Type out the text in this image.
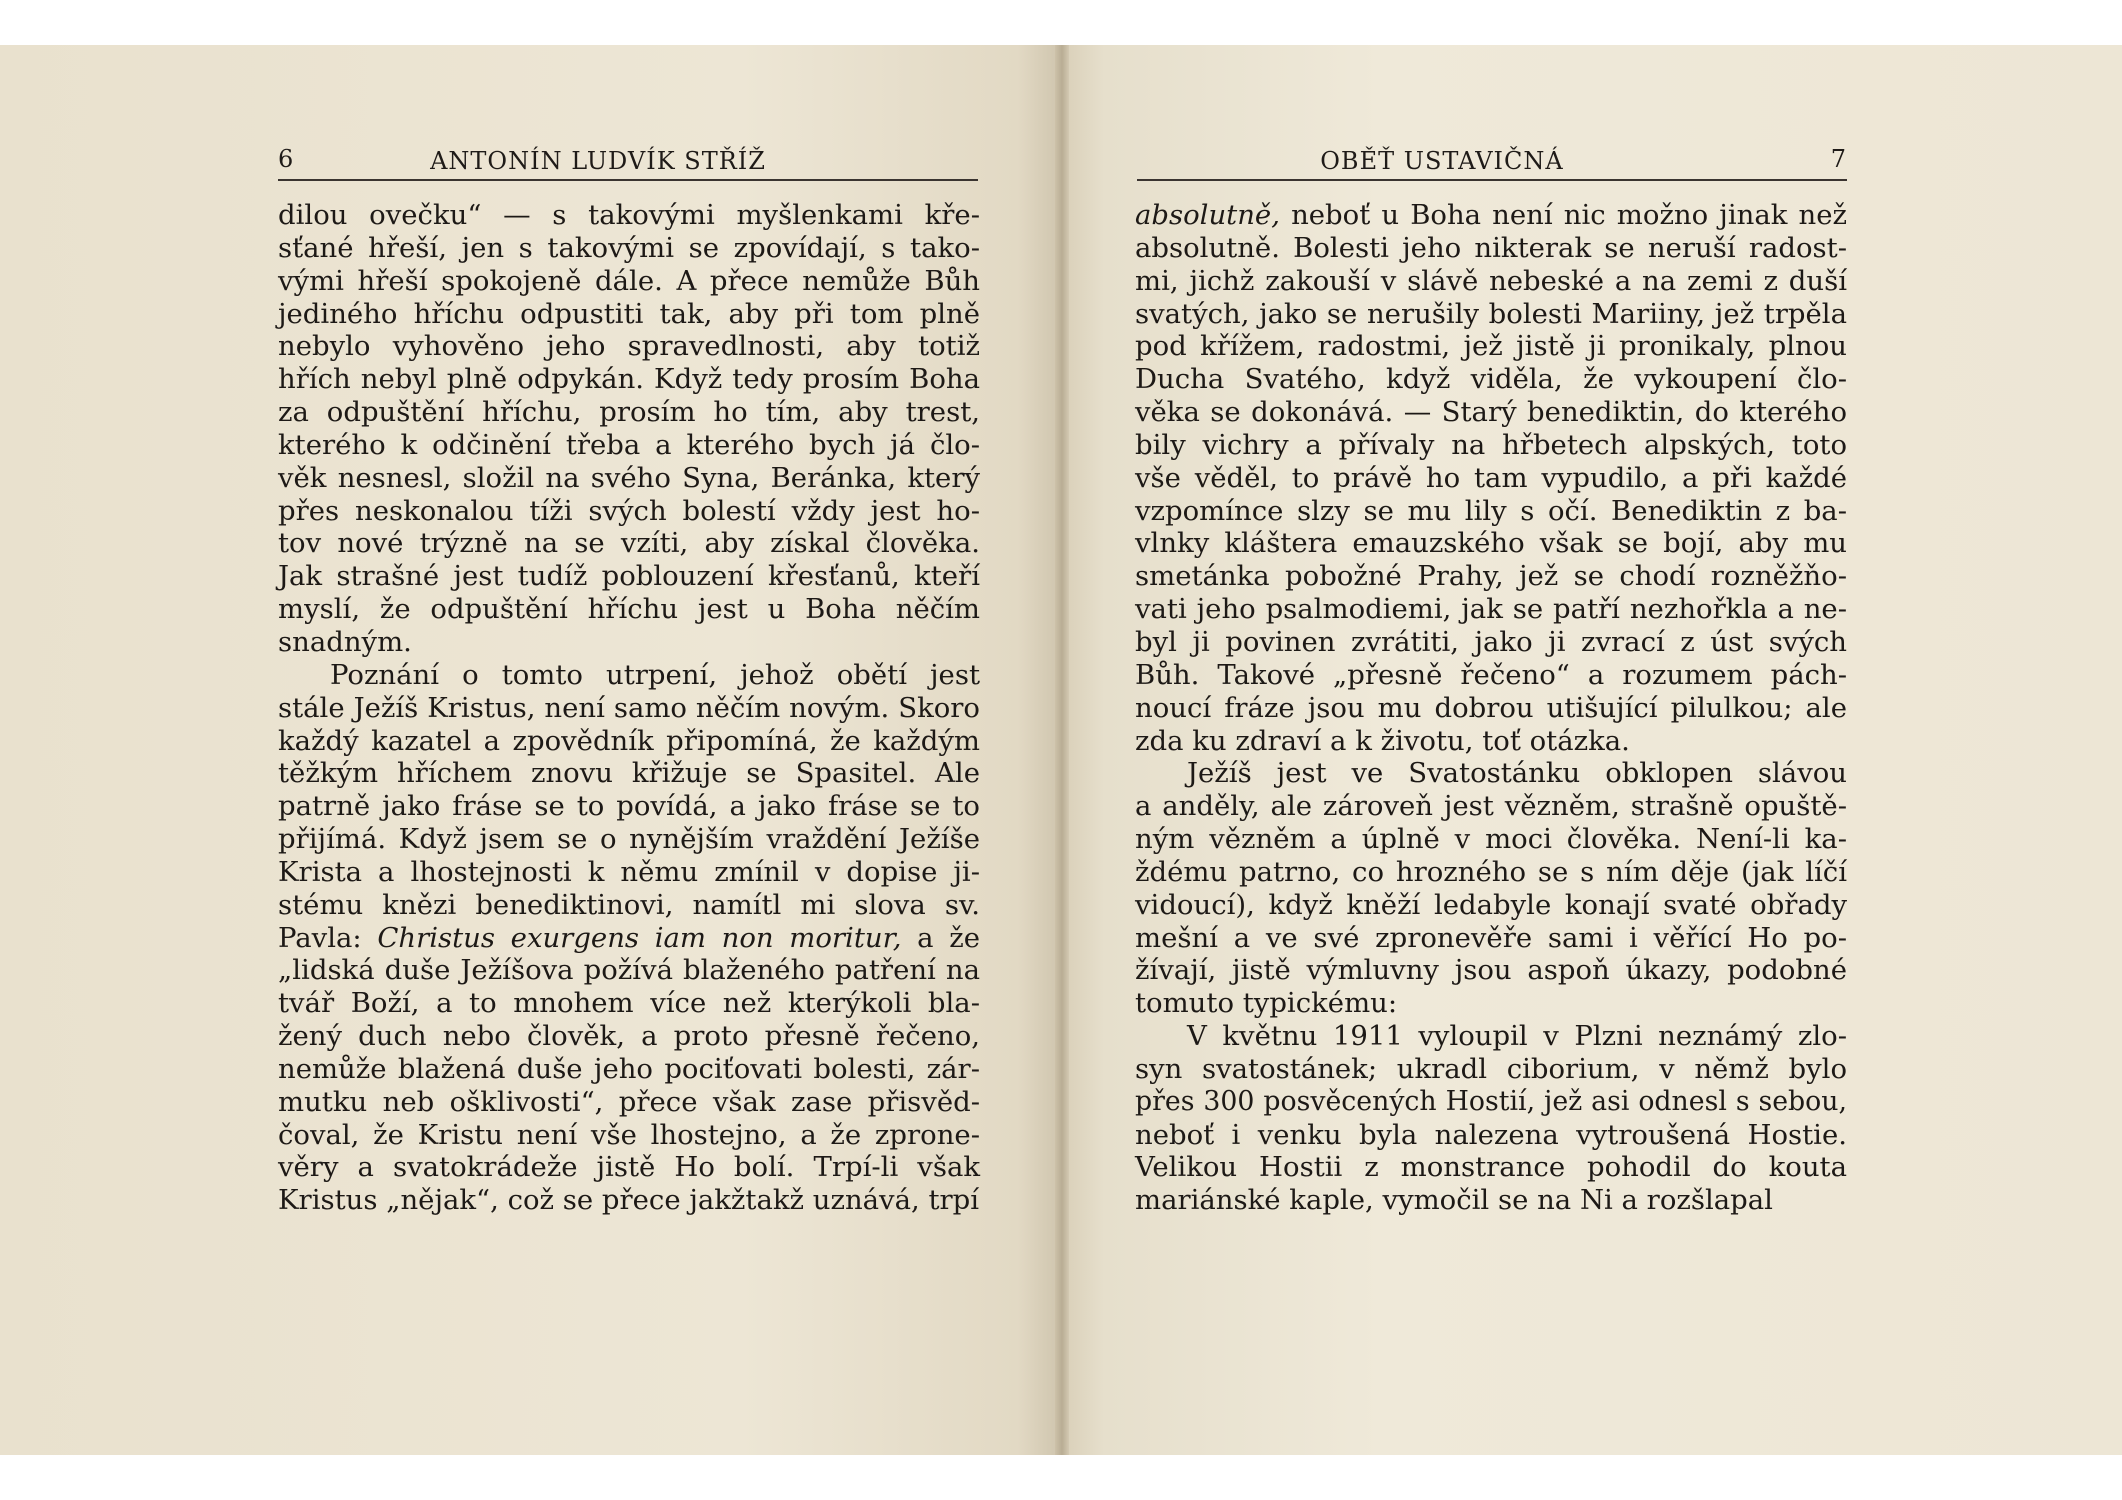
6	ANTONÍN LUDVÍK STŘÍŽ	OBĚŤ USTAVIČNÁ	7
dilou ovečku“ — s takovými myšlenkami kře-
sťané hřeší, jen s takovými se zpovídají, s tako-
vými hřeší spokojeně dále. A přece nemůže Bůh
jediného hříchu odpustiti tak, aby při tom plně
nebylo vyhověno jeho spravedlnosti, aby totiž
hřích nebyl plně odpykán. Když tedy prosím Boha
za odpuštění hříchu, prosím ho tím, aby trest,
kterého k odčinění třeba a kterého bych já člo-
věk nesnesl, složil na svého Syna, Beránka, který
přes neskonalou tíži svých bolestí vždy jest ho-
tov nové trýzně na se vzíti, aby získal člověka.
Jak strašné jest tudíž poblouzení křesťanů, kteří
myslí, že odpuštění hříchu jest u Boha něčím
snadným.
Poznání o tomto utrpení, jehož obětí jest
stále Ježíš Kristus, není samo něčím novým. Skoro
každý kazatel a zpovědník připomíná, že každým
těžkým hříchem znovu křižuje se Spasitel. Ale
patrně jako fráse se to povídá, a jako fráse se to
přijímá. Když jsem se o nynějším vraždění Ježíše
Krista a lhostejnosti k němu zmínil v dopise ji-
stému knězi benediktinovi, namítl mi slova sv.
Pavla: Christus exurgens iam non moritur, a že
„lidská duše Ježíšova požívá blaženého patření na
tvář Boží, a to mnohem více než kterýkoli bla-
žený duch nebo člověk, a proto přesně řečeno,
nemůže blažená duše jeho pociťovati bolesti, zár-
mutku neb ošklivosti“, přece však zase přisvěd-
čoval, že Kristu není vše lhostejno, a že zprone-
věry a svatokrádeže jistě Ho bolí. Trpí-li však
Kristus „nějak“, což se přece jakžtakž uznává, trpí
absolutně, neboť u Boha není nic možno jinak než
absolutně. Bolesti jeho nikterak se neruší radost-
mi, jichž zakouší v slávě nebeské a na zemi z duší
svatých, jako se nerušily bolesti Mariiny, jež trpěla
pod křížem, radostmi, jež jistě ji pronikaly, plnou
Ducha Svatého, když viděla, že vykoupení člo-
věka se dokonává. — Starý benediktin, do kterého
bily vichry a přívaly na hřbetech alpských, toto
vše věděl, to právě ho tam vypudilo, a při každé
vzpomínce slzy se mu lily s očí. Benediktin z ba-
vlnky kláštera emauzského však se bojí, aby mu
smetánka pobožné Prahy, jež se chodí rozněžňo-
vati jeho psalmodiemi, jak se patří nezhořkla a ne-
byl ji povinen zvrátiti, jako ji zvrací z úst svých
Bůh. Takové „přesně řečeno“ a rozumem pách-
noucí fráze jsou mu dobrou utišující pilulkou; ale
zda ku zdraví a k životu, toť otázka.
Ježíš jest ve Svatostánku obklopen slávou
a anděly, ale zároveň jest vězněm, strašně opuště-
ným vězněm a úplně v moci člověka. Není-li ka-
ždému patrno, co hrozného se s ním děje (jak líčí
vidoucí), když kněží ledabyle konají svaté obřady
mešní a ve své zpronevěře sami i věřící Ho po-
žívají, jistě výmluvny jsou aspoň úkazy, podobné
tomuto typickému:
V květnu 1911 vyloupil v Plzni neznámý zlo-
syn svatostánek; ukradl ciborium, v němž bylo
přes 300 posvěcených Hostií, jež asi odnesl s sebou,
neboť i venku byla nalezena vytroušená Hostie.
Velikou Hostii z monstrance pohodil do kouta
mariánské kaple, vymočil se na Ni a rozšlapal
